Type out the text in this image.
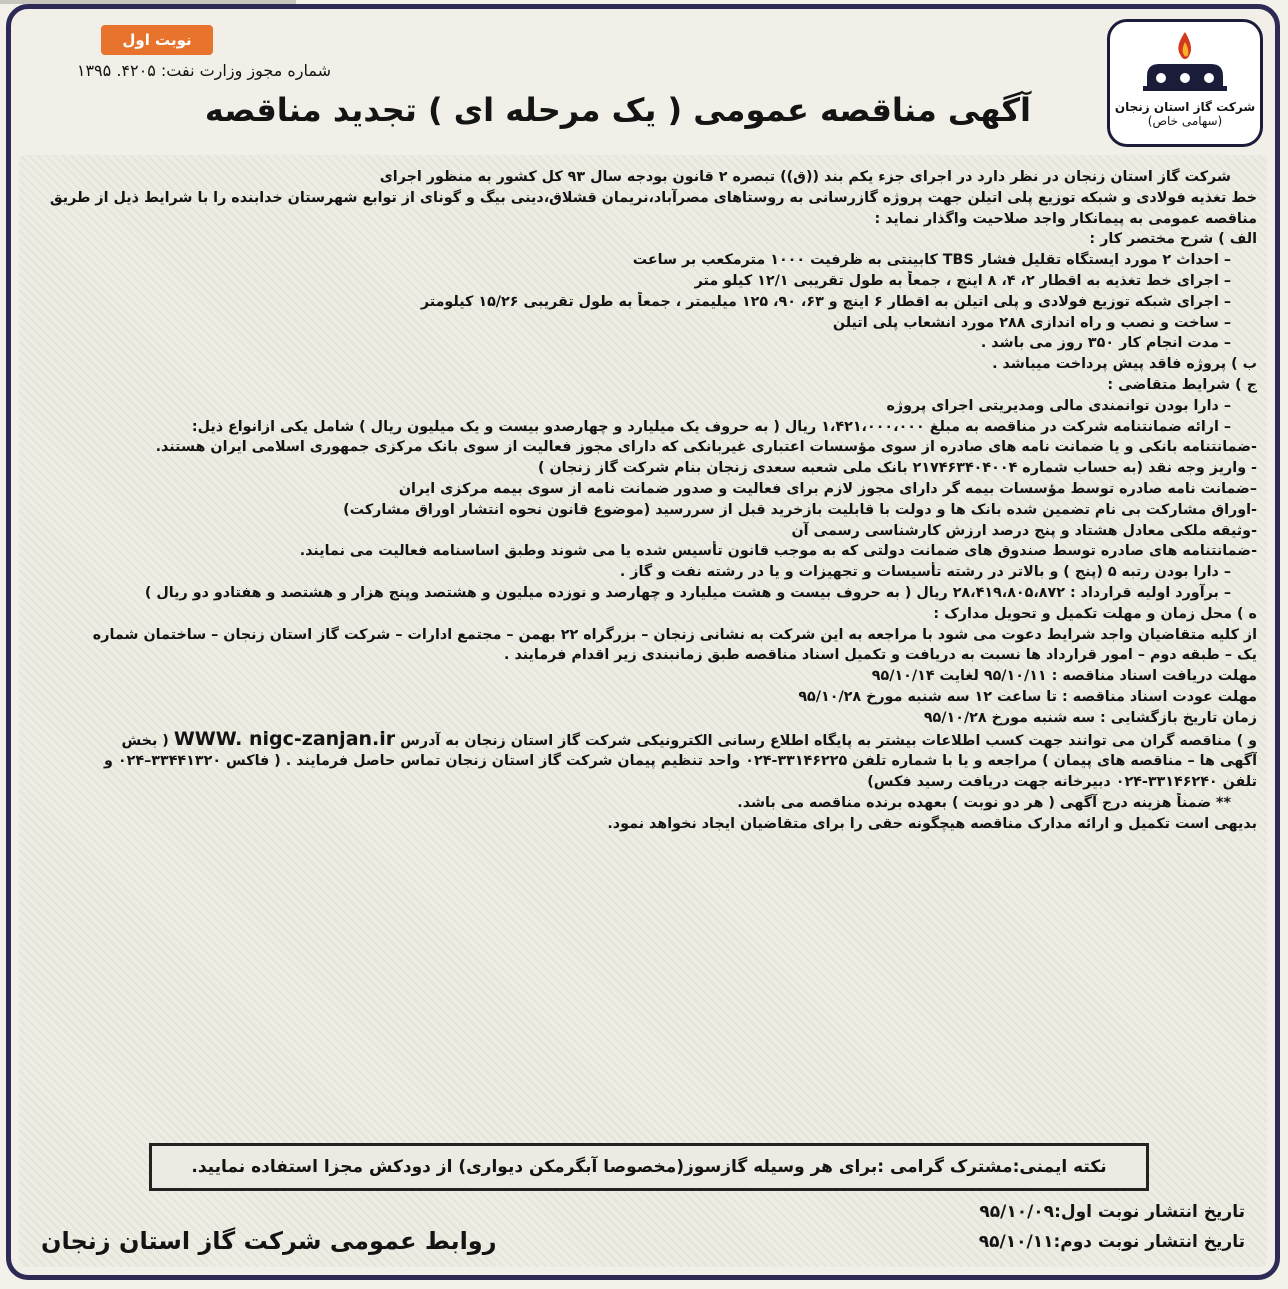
نوبت اول
شماره مجوز وزارت نفت: ۴۲۰۵. ۱۳۹۵
آگهی مناقصه عمومی ( یک مرحله ای ) تجدید مناقصه	شرکت گاز استان زنجان
(سهامی خاص)

شرکت گاز استان زنجان در نظر دارد در اجرای جزء یکم بند ((ق)) تبصره ۲ قانون بودجه سال ۹۳ کل کشور به منظور اجرای

خط تغذیه فولادی و شبکه توزیع پلی اتیلن جهت پروژه گازرسانی به روستاهای مصرآباد،نریمان قشلاق،دینی بیگ و گونای از توابع شهرستان خدابنده را با شرایط ذیل از طریق

مناقصه عمومی به پیمانکار واجد صلاحیت واگذار نماید :

الف ) شرح مختصر کار :

– احداث ۲ مورد ایستگاه تقلیل فشار TBS کابینتی به ظرفیت ۱۰۰۰ مترمکعب بر ساعت

– اجرای خط تغذیه به اقطار ۲، ۴، ۸ اینچ ، جمعاً به طول تقریبی ۱۲/۱ کیلو متر

– اجرای شبکه توزیع فولادی و پلی اتیلن به اقطار ۶ اینچ و ۶۳، ۹۰، ۱۲۵ میلیمتر ، جمعاً به طول تقریبی ۱۵/۲۶ کیلومتر

– ساخت و نصب و راه اندازی ۲۸۸ مورد انشعاب پلی اتیلن

– مدت انجام کار ۳۵۰ روز می باشد .

ب ) پروژه فاقد پیش پرداخت میباشد .

ج ) شرایط متقاضی :

– دارا بودن توانمندی مالی ومدیریتی اجرای پروژه

– ارائه ضمانتنامه شرکت در مناقصه به مبلغ ۱،۴۲۱،۰۰۰،۰۰۰ ریال ( به حروف یک میلیارد و چهارصدو بیست و یک میلیون ریال ) شامل یکی ازانواع ذیل:

-ضمانتنامه بانکی و یا ضمانت نامه های صادره از سوی مؤسسات اعتباری غیربانکی که دارای مجوز فعالیت از سوی بانک مرکزی جمهوری اسلامی ایران هستند.

- واریز وجه نقد (به حساب شماره ۲۱۷۴۶۳۴۰۴۰۰۴ بانک ملی شعبه سعدی زنجان بنام شرکت گاز زنجان )

–ضمانت نامه صادره توسط مؤسسات بیمه گر دارای مجوز لازم برای فعالیت و صدور ضمانت نامه از سوی بیمه مرکزی ایران

-اوراق مشارکت بی نام تضمین شده بانک ها و دولت با قابلیت بازخرید قبل از سررسید (موضوع قانون نحوه انتشار اوراق مشارکت)

-وثیقه ملکی معادل هشتاد و پنج درصد ارزش کارشناسی رسمی آن

-ضمانتنامه های صادره توسط صندوق های ضمانت دولتی که به موجب قانون تأسیس شده یا می شوند وطبق اساسنامه فعالیت می نمایند.

– دارا بودن رتبه ۵ (پنج ) و بالاتر در رشته تأسیسات و تجهیزات و یا در رشته نفت و گاز .

– برآورد اولیه قرارداد : ۲۸،۴۱۹،۸۰۵،۸۷۲ ریال ( به حروف بیست و هشت میلیارد و چهارصد و نوزده میلیون و هشتصد وپنج هزار و هشتصد و هفتادو دو ریال )

ه ) محل زمان و مهلت تکمیل و تحویل مدارک :

از کلیه متقاضیان واجد شرایط دعوت می شود با مراجعه به این شرکت به نشانی زنجان – بزرگراه ۲۲ بهمن – مجتمع ادارات – شرکت گاز استان زنجان – ساختمان شماره

یک – طبقه دوم – امور قرارداد ها نسبت به دریافت و تکمیل اسناد مناقصه طبق زمانبندی زیر اقدام فرمایند .

مهلت دریافت اسناد مناقصه : ۹۵/۱۰/۱۱ لغایت ۹۵/۱۰/۱۴

مهلت عودت اسناد مناقصه : تا ساعت ۱۲ سه شنبه مورخ ۹۵/۱۰/۲۸

زمان تاریخ بازگشایی : سه شنبه مورخ ۹۵/۱۰/۲۸

و ) مناقصه گران می توانند جهت کسب اطلاعات بیشتر به پایگاه اطلاع رسانی الکترونیکی شرکت گاز استان زنجان به آدرس WWW. nigc-zanjan.ir ( بخش

آگهی ها – مناقصه های پیمان ) مراجعه و یا با شماره تلفن ۳۳۱۴۶۲۲۵-۰۲۴ واحد تنظیم پیمان شرکت گاز استان زنجان تماس حاصل فرمایند . ( فاکس ۳۳۴۴۱۳۲۰–۰۲۴ و

تلفن ۳۳۱۴۶۲۴۰-۰۲۴ دبیرخانه جهت دریافت رسید فکس)

** ضمناً هزینه درج آگهی ( هر دو نوبت ) بعهده برنده مناقصه می باشد.

بدیهی است تکمیل و ارائه مدارک مناقصه هیچگونه حقی را برای متقاضیان ایجاد نخواهد نمود.

نکته ایمنی:مشترک گرامی :برای هر وسیله گازسوز(مخصوصا آبگرمکن دیواری) از دودکش مجزا استفاده نمایید.
تاریخ انتشار نوبت اول:۹۵/۱۰/۰۹
تاریخ انتشار نوبت دوم:۹۵/۱۰/۱۱
روابط عمومی شرکت گاز استان زنجان
